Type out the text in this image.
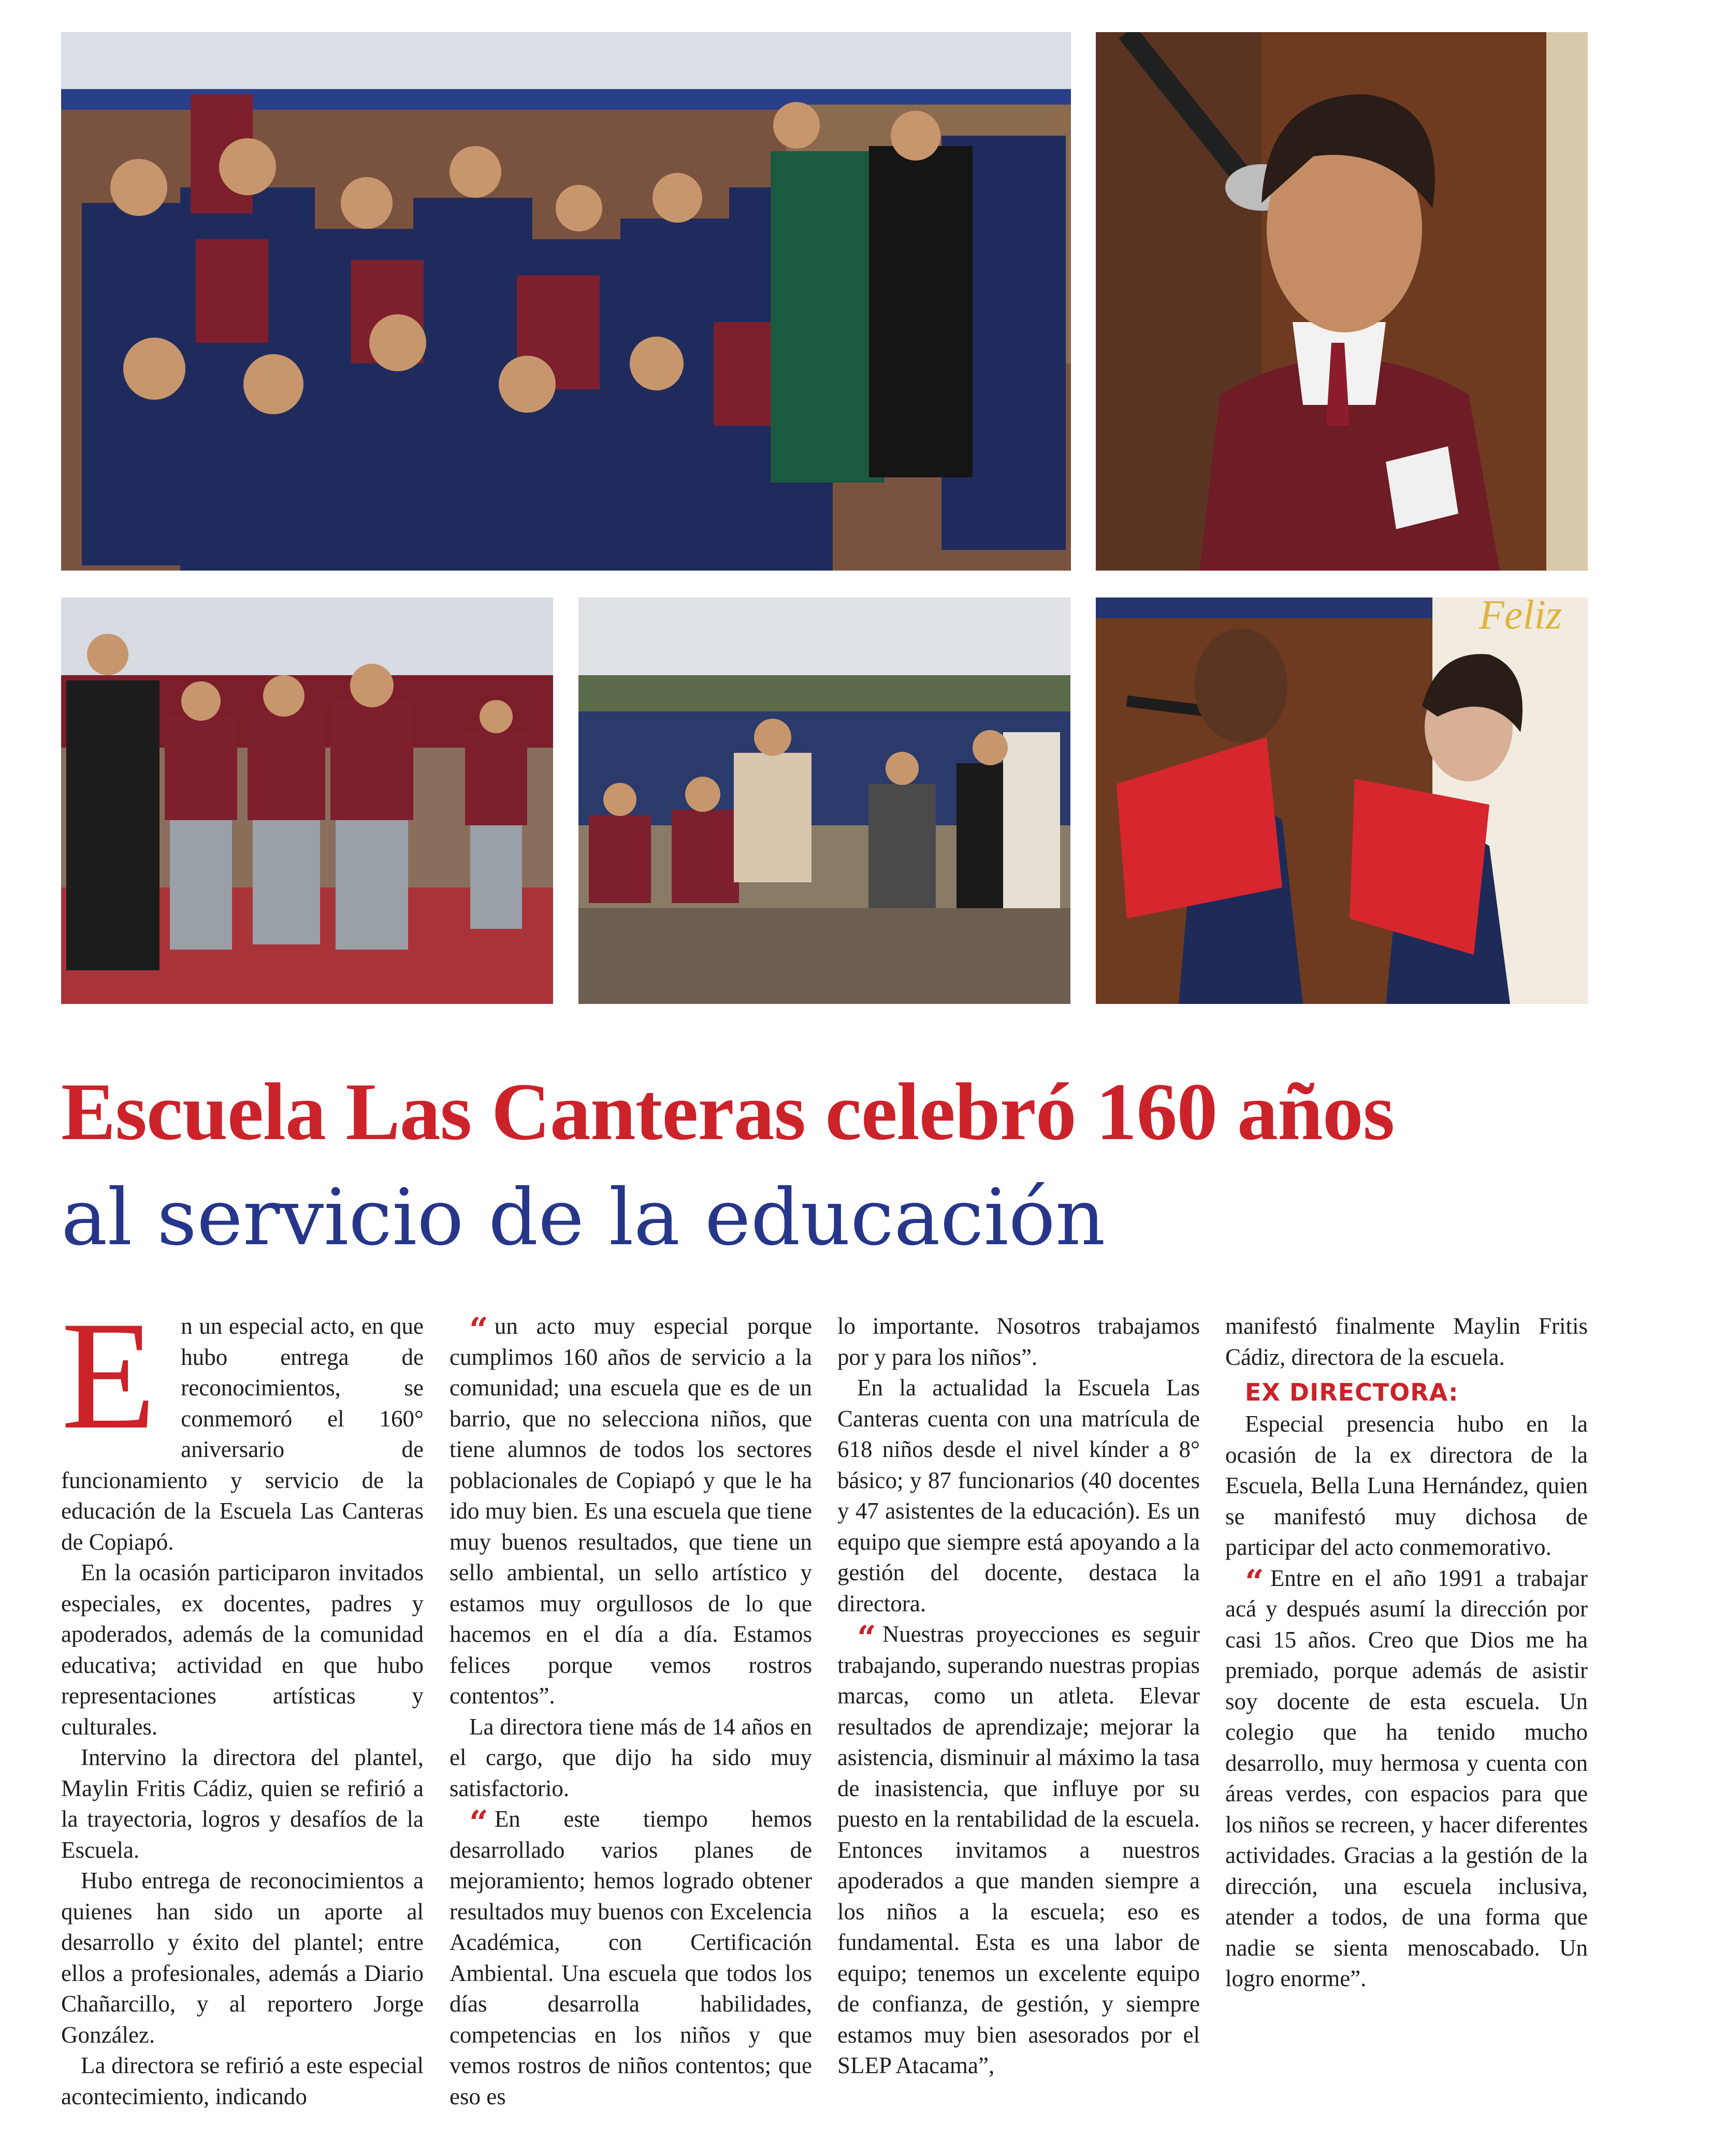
Feliz
Escuela Las Canteras celebró 160 años
al servicio de la educación
E	n un especial acto, en que hubo entrega de reconocimientos, se conmemoró el 160° aniversario de funcionamiento y servicio de la educación de la Escuela Las Canteras de Copiapó.

En la ocasión participaron invitados especiales, ex docentes, padres y apoderados, además de la comunidad educativa; actividad en que hubo representaciones artísticas y culturales.

Intervino la directora del plantel, Maylin Fritis Cádiz, quien se refirió a la trayectoria, logros y desafíos de la Escuela.

Hubo entrega de reconocimientos a quienes han sido un aporte al desarrollo y éxito del plantel; entre ellos a profesionales, además a Diario Chañarcillo, y al reportero Jorge González.

La directora se refirió a este especial acontecimiento, indicando

“ un acto muy especial porque cumplimos 160 años de servicio a la comunidad; una escuela que es de un barrio, que no selecciona niños, que tiene alumnos de todos los sectores poblacionales de Copiapó y que le ha ido muy bien. Es una escuela que tiene muy buenos resultados, que tiene un sello ambiental, un sello artístico y estamos muy orgullosos de lo que hacemos en el día a día. Estamos felices porque vemos rostros contentos”.

La directora tiene más de 14 años en el cargo, que dijo ha sido muy satisfactorio.

“ En este tiempo hemos desarrollado varios planes de mejoramiento; hemos logrado obtener resultados muy buenos con Excelencia Académica, con Certificación Ambiental. Una escuela que todos los días desarrolla habilidades, competencias en los niños y que vemos rostros de niños contentos; que eso es

lo importante. Nosotros trabajamos por y para los niños”.

En la actualidad la Escuela Las Canteras cuenta con una matrícula de 618 niños desde el nivel kínder a 8° básico; y 87 funcionarios (40 docentes y 47 asistentes de la educación). Es un equipo que siempre está apoyando a la gestión del docente, destaca la directora.

“ Nuestras proyecciones es seguir trabajando, superando nuestras propias marcas, como un atleta. Elevar resultados de aprendizaje; mejorar la asistencia, disminuir al máximo la tasa de inasistencia, que influye por su puesto en la rentabilidad de la escuela. Entonces invitamos a nuestros apoderados a que manden siempre a los niños a la escuela; eso es fundamental. Esta es una labor de equipo; tenemos un excelente equipo de confianza, de gestión, y siempre estamos muy bien asesorados por el SLEP Atacama”,

manifestó finalmente Maylin Fritis Cádiz, directora de la escuela.

EX DIRECTORA:

Especial presencia hubo en la ocasión de la ex directora de la Escuela, Bella Luna Hernández, quien se manifestó muy dichosa de participar del acto conmemorativo.

“ Entre en el año 1991 a trabajar acá y después asumí la dirección por casi 15 años. Creo que Dios me ha premiado, porque además de asistir soy docente de esta escuela. Un colegio que ha tenido mucho desarrollo, muy hermosa y cuenta con áreas verdes, con espacios para que los niños se recreen, y hacer diferentes actividades. Gracias a la gestión de la dirección, una escuela inclusiva, atender a todos, de una forma que nadie se sienta menoscabado. Un logro enorme”.
